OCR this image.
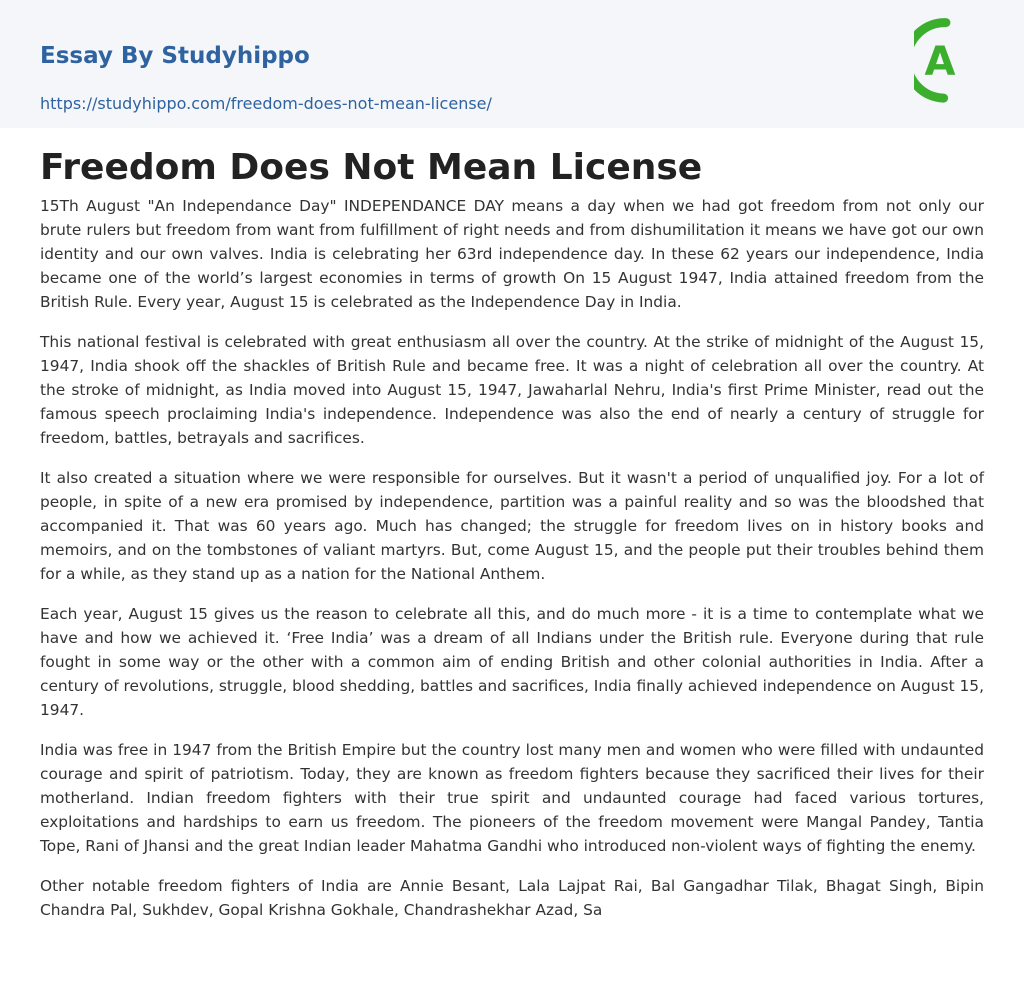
Essay By Studyhippo
https://studyhippo.com/freedom-does-not-mean-license/
A
Freedom Does Not Mean License

15Th August "An Independance Day" INDEPENDANCE DAY means a day when we had got freedom from not only our brute rulers but freedom from want from fulfillment of right needs and from dishumilitation it means we have got our own identity and our own valves. India is celebrating her 63rd independence day. In these 62 years our independence, India became one of the world’s largest economies in terms of growth On 15 August 1947, India attained freedom from the British Rule. Every year, August 15 is celebrated as the Independence Day in India.

This national festival is celebrated with great enthusiasm all over the country. At the strike of midnight of the August 15, 1947, India shook off the shackles of British Rule and became free. It was a night of celebration all over the country. At the stroke of midnight, as India moved into August 15, 1947, Jawaharlal Nehru, India's first Prime Minister, read out the famous speech proclaiming India's independence. Independence was also the end of nearly a century of struggle for freedom, battles, betrayals and sacrifices.

It also created a situation where we were responsible for ourselves. But it wasn't a period of unqualified joy. For a lot of people, in spite of a new era promised by independence, partition was a painful reality and so was the bloodshed that accompanied it. That was 60 years ago. Much has changed; the struggle for freedom lives on in history books and memoirs, and on the tombstones of valiant martyrs. But, come August 15, and the people put their troubles behind them for a while, as they stand up as a nation for the National Anthem.

Each year, August 15 gives us the reason to celebrate all this, and do much more - it is a time to contemplate what we have and how we achieved it. ‘Free India’ was a dream of all Indians under the British rule. Everyone during that rule fought in some way or the other with a common aim of ending British and other colonial authorities in India. After a century of revolutions, struggle, blood shedding, battles and sacrifices, India finally achieved independence on August 15, 1947.

India was free in 1947 from the British Empire but the country lost many men and women who were filled with undaunted courage and spirit of patriotism. Today, they are known as freedom fighters because they sacrificed their lives for their motherland. Indian freedom fighters with their true spirit and undaunted courage had faced various tortures, exploitations and hardships to earn us freedom. The pioneers of the freedom movement were Mangal Pandey, Tantia Tope, Rani of Jhansi and the great Indian leader Mahatma Gandhi who introduced non-violent ways of fighting the enemy.

Other notable freedom fighters of India are Annie Besant, Lala Lajpat Rai, Bal Gangadhar Tilak, Bhagat Singh, Bipin Chandra Pal, Sukhdev, Gopal Krishna Gokhale, Chandrashekhar Azad, Sa
